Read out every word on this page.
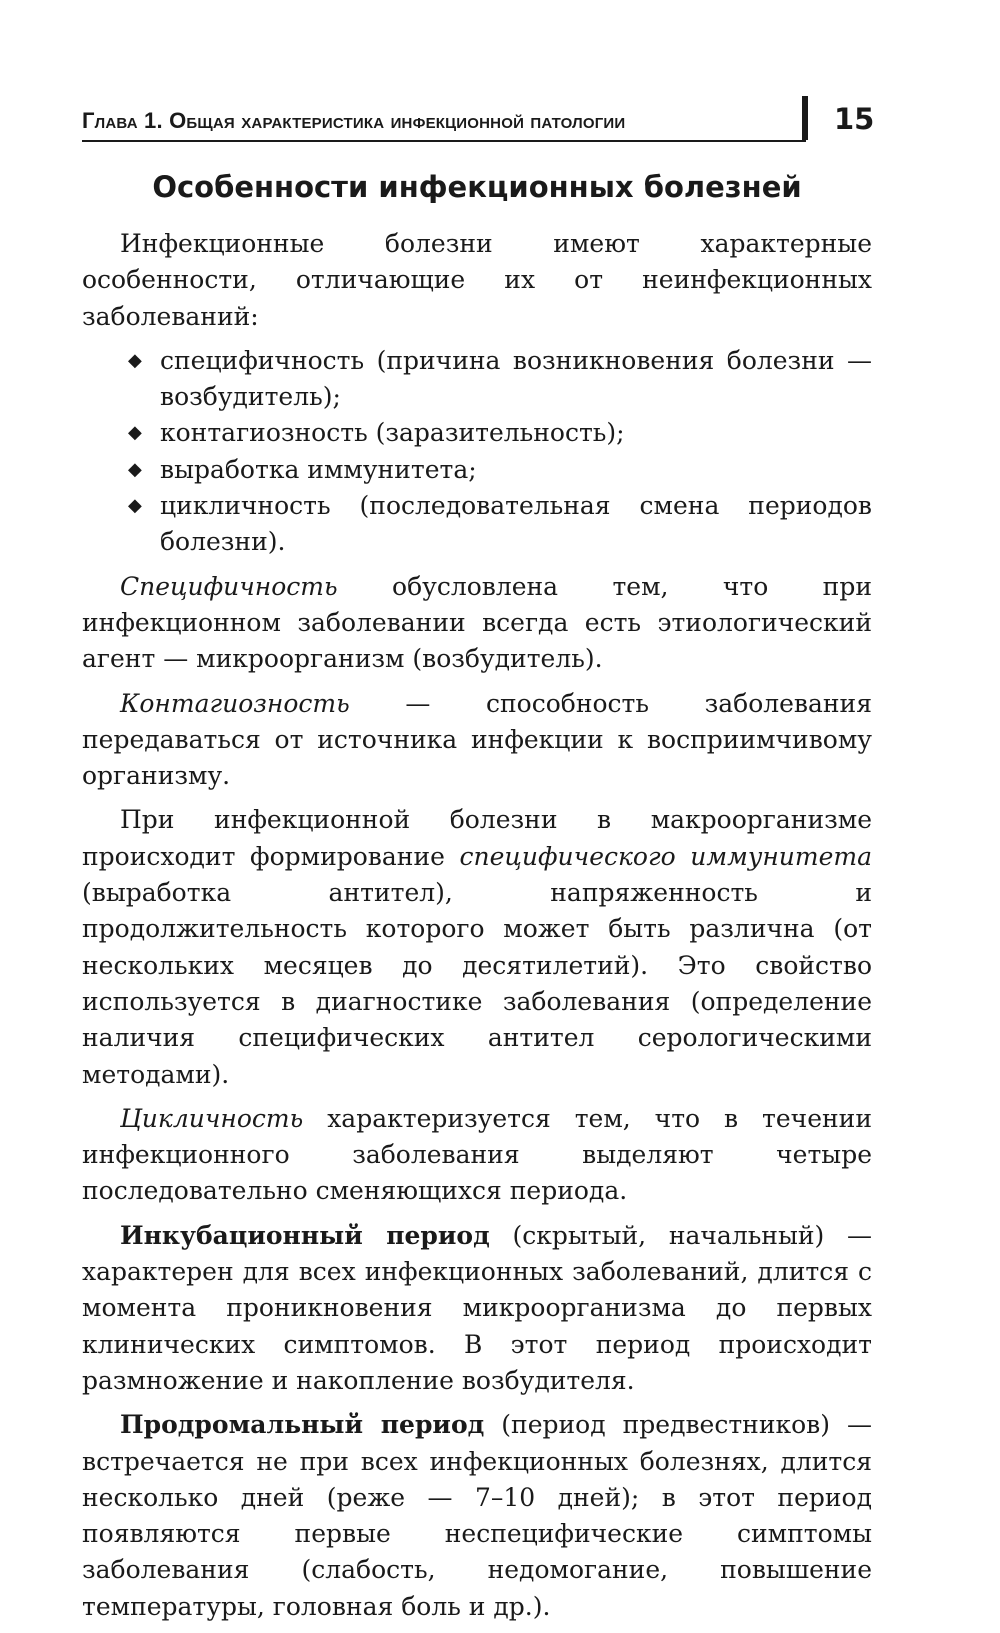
Глава 1. Общая характеристика инфекционной патологии	15
Особенности инфекционных болезней

Инфекционные болезни имеют характерные особенности, отличающие их от неинфекционных заболеваний:

◆ специфичность (причина возникновения болезни — возбудитель);
◆ контагиозность (заразительность);
◆ выработка иммунитета;
◆ цикличность (последовательная смена периодов болезни).

Специфичность обусловлена тем, что при инфекционном заболевании всегда есть этиологический агент — микроорганизм (возбудитель).

Контагиозность — способность заболевания передаваться от источника инфекции к восприимчивому организму.

При инфекционной болезни в макроорганизме происходит формирование специфического иммунитета (выработка антител), напряженность и продолжительность которого может быть различна (от нескольких месяцев до десятилетий). Это свойство используется в диагностике заболевания (определение наличия специфических антител серологическими методами).

Цикличность характеризуется тем, что в течении инфекционного заболевания выделяют четыре последовательно сменяющихся периода.

Инкубационный период (скрытый, начальный) — характерен для всех инфекционных заболеваний, длится с момента проникновения микроорганизма до первых клинических симптомов. В этот период происходит размножение и накопление возбудителя.

Продромальный период (период предвестников) — встречается не при всех инфекционных болезнях, длится несколько дней (реже — 7–10 дней); в этот период появляются первые неспецифические симптомы заболевания (слабость, недомогание, повышение температуры, головная боль и др.).
